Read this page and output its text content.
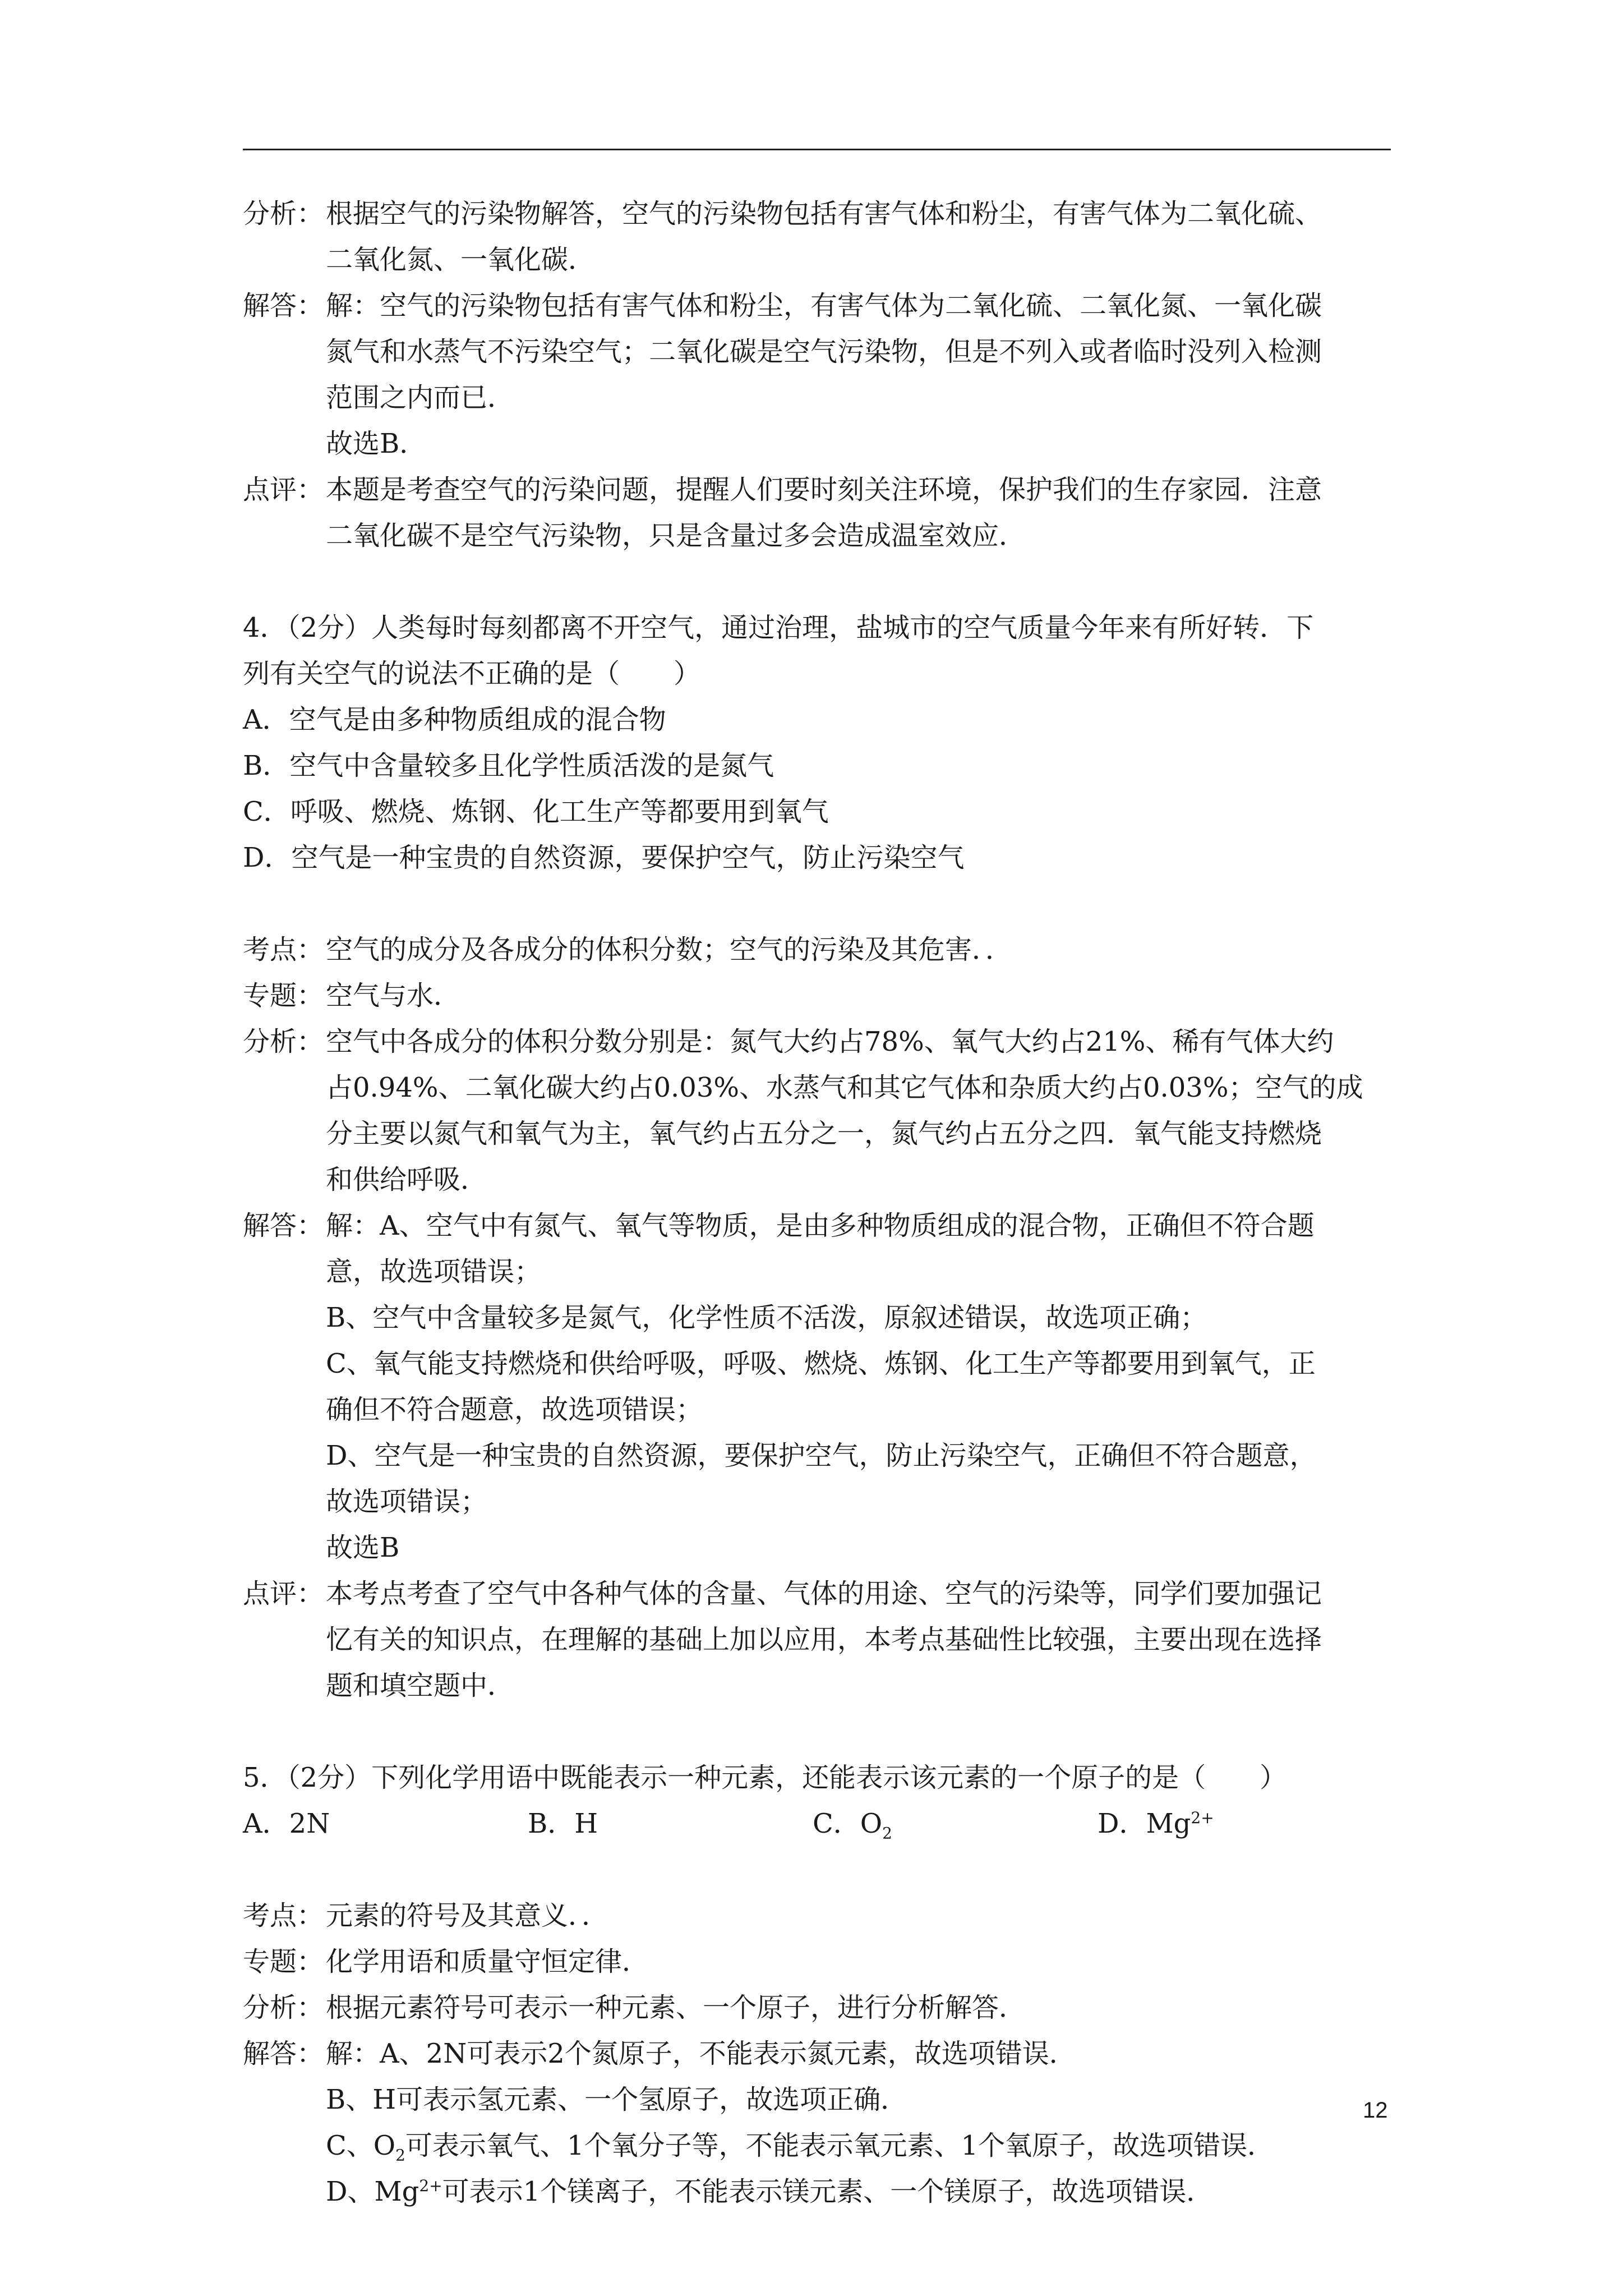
分析： 根据空气的污染物解答，空气的污染物包括有害气体和粉尘，有害气体为二氧化硫、
二氧化氮、一氧化碳．
解答： 解：空气的污染物包括有害气体和粉尘，有害气体为二氧化硫、二氧化氮、一氧化碳
氮气和水蒸气不污染空气；二氧化碳是空气污染物，但是不列入或者临时没列入检测
范围之内而已．
故选B．
点评： 本题是考查空气的污染问题，提醒人们要时刻关注环境，保护我们的生存家园．注意
二氧化碳不是空气污染物，只是含量过多会造成温室效应．
4．（2分）人类每时每刻都离不开空气，通过治理，盐城市的空气质量今年来有所好转．下
列有关空气的说法不正确的是（　　）
A．空气是由多种物质组成的混合物
B．空气中含量较多且化学性质活泼的是氮气
C．呼吸、燃烧、炼钢、化工生产等都要用到氧气
D．空气是一种宝贵的自然资源，要保护空气，防止污染空气
考点： 空气的成分及各成分的体积分数；空气的污染及其危害．．
专题： 空气与水．
分析： 空气中各成分的体积分数分别是：氮气大约占78%、氧气大约占21%、稀有气体大约
占0.94%、二氧化碳大约占0.03%、水蒸气和其它气体和杂质大约占0.03%；空气的成
分主要以氮气和氧气为主，氧气约占五分之一，氮气约占五分之四．氧气能支持燃烧
和供给呼吸．
解答： 解：A、空气中有氮气、氧气等物质，是由多种物质组成的混合物，正确但不符合题
意，故选项错误；
B、空气中含量较多是氮气，化学性质不活泼，原叙述错误，故选项正确；
C、氧气能支持燃烧和供给呼吸，呼吸、燃烧、炼钢、化工生产等都要用到氧气，正
确但不符合题意，故选项错误；
D、空气是一种宝贵的自然资源，要保护空气，防止污染空气，正确但不符合题意，
故选项错误；
故选B
点评： 本考点考查了空气中各种气体的含量、气体的用途、空气的污染等，同学们要加强记
忆有关的知识点，在理解的基础上加以应用，本考点基础性比较强，主要出现在选择
题和填空题中．
5．（2分）下列化学用语中既能表示一种元素，还能表示该元素的一个原子的是（　　）
A．2N	B．H	C．$O_2$	D．$Mg^{2+}$
考点： 元素的符号及其意义．．
专题： 化学用语和质量守恒定律．
分析： 根据元素符号可表示一种元素、一个原子，进行分析解答．
解答： 解：A、2N可表示2个氮原子，不能表示氮元素，故选项错误．
B、H可表示氢元素、一个氢原子，故选项正确．
C、$O_2$可表示氧气、1个氧分子等，不能表示氧元素、1个氧原子，故选项错误．
D、$Mg^{2+}$可表示1个镁离子，不能表示镁元素、一个镁原子，故选项错误．
12
